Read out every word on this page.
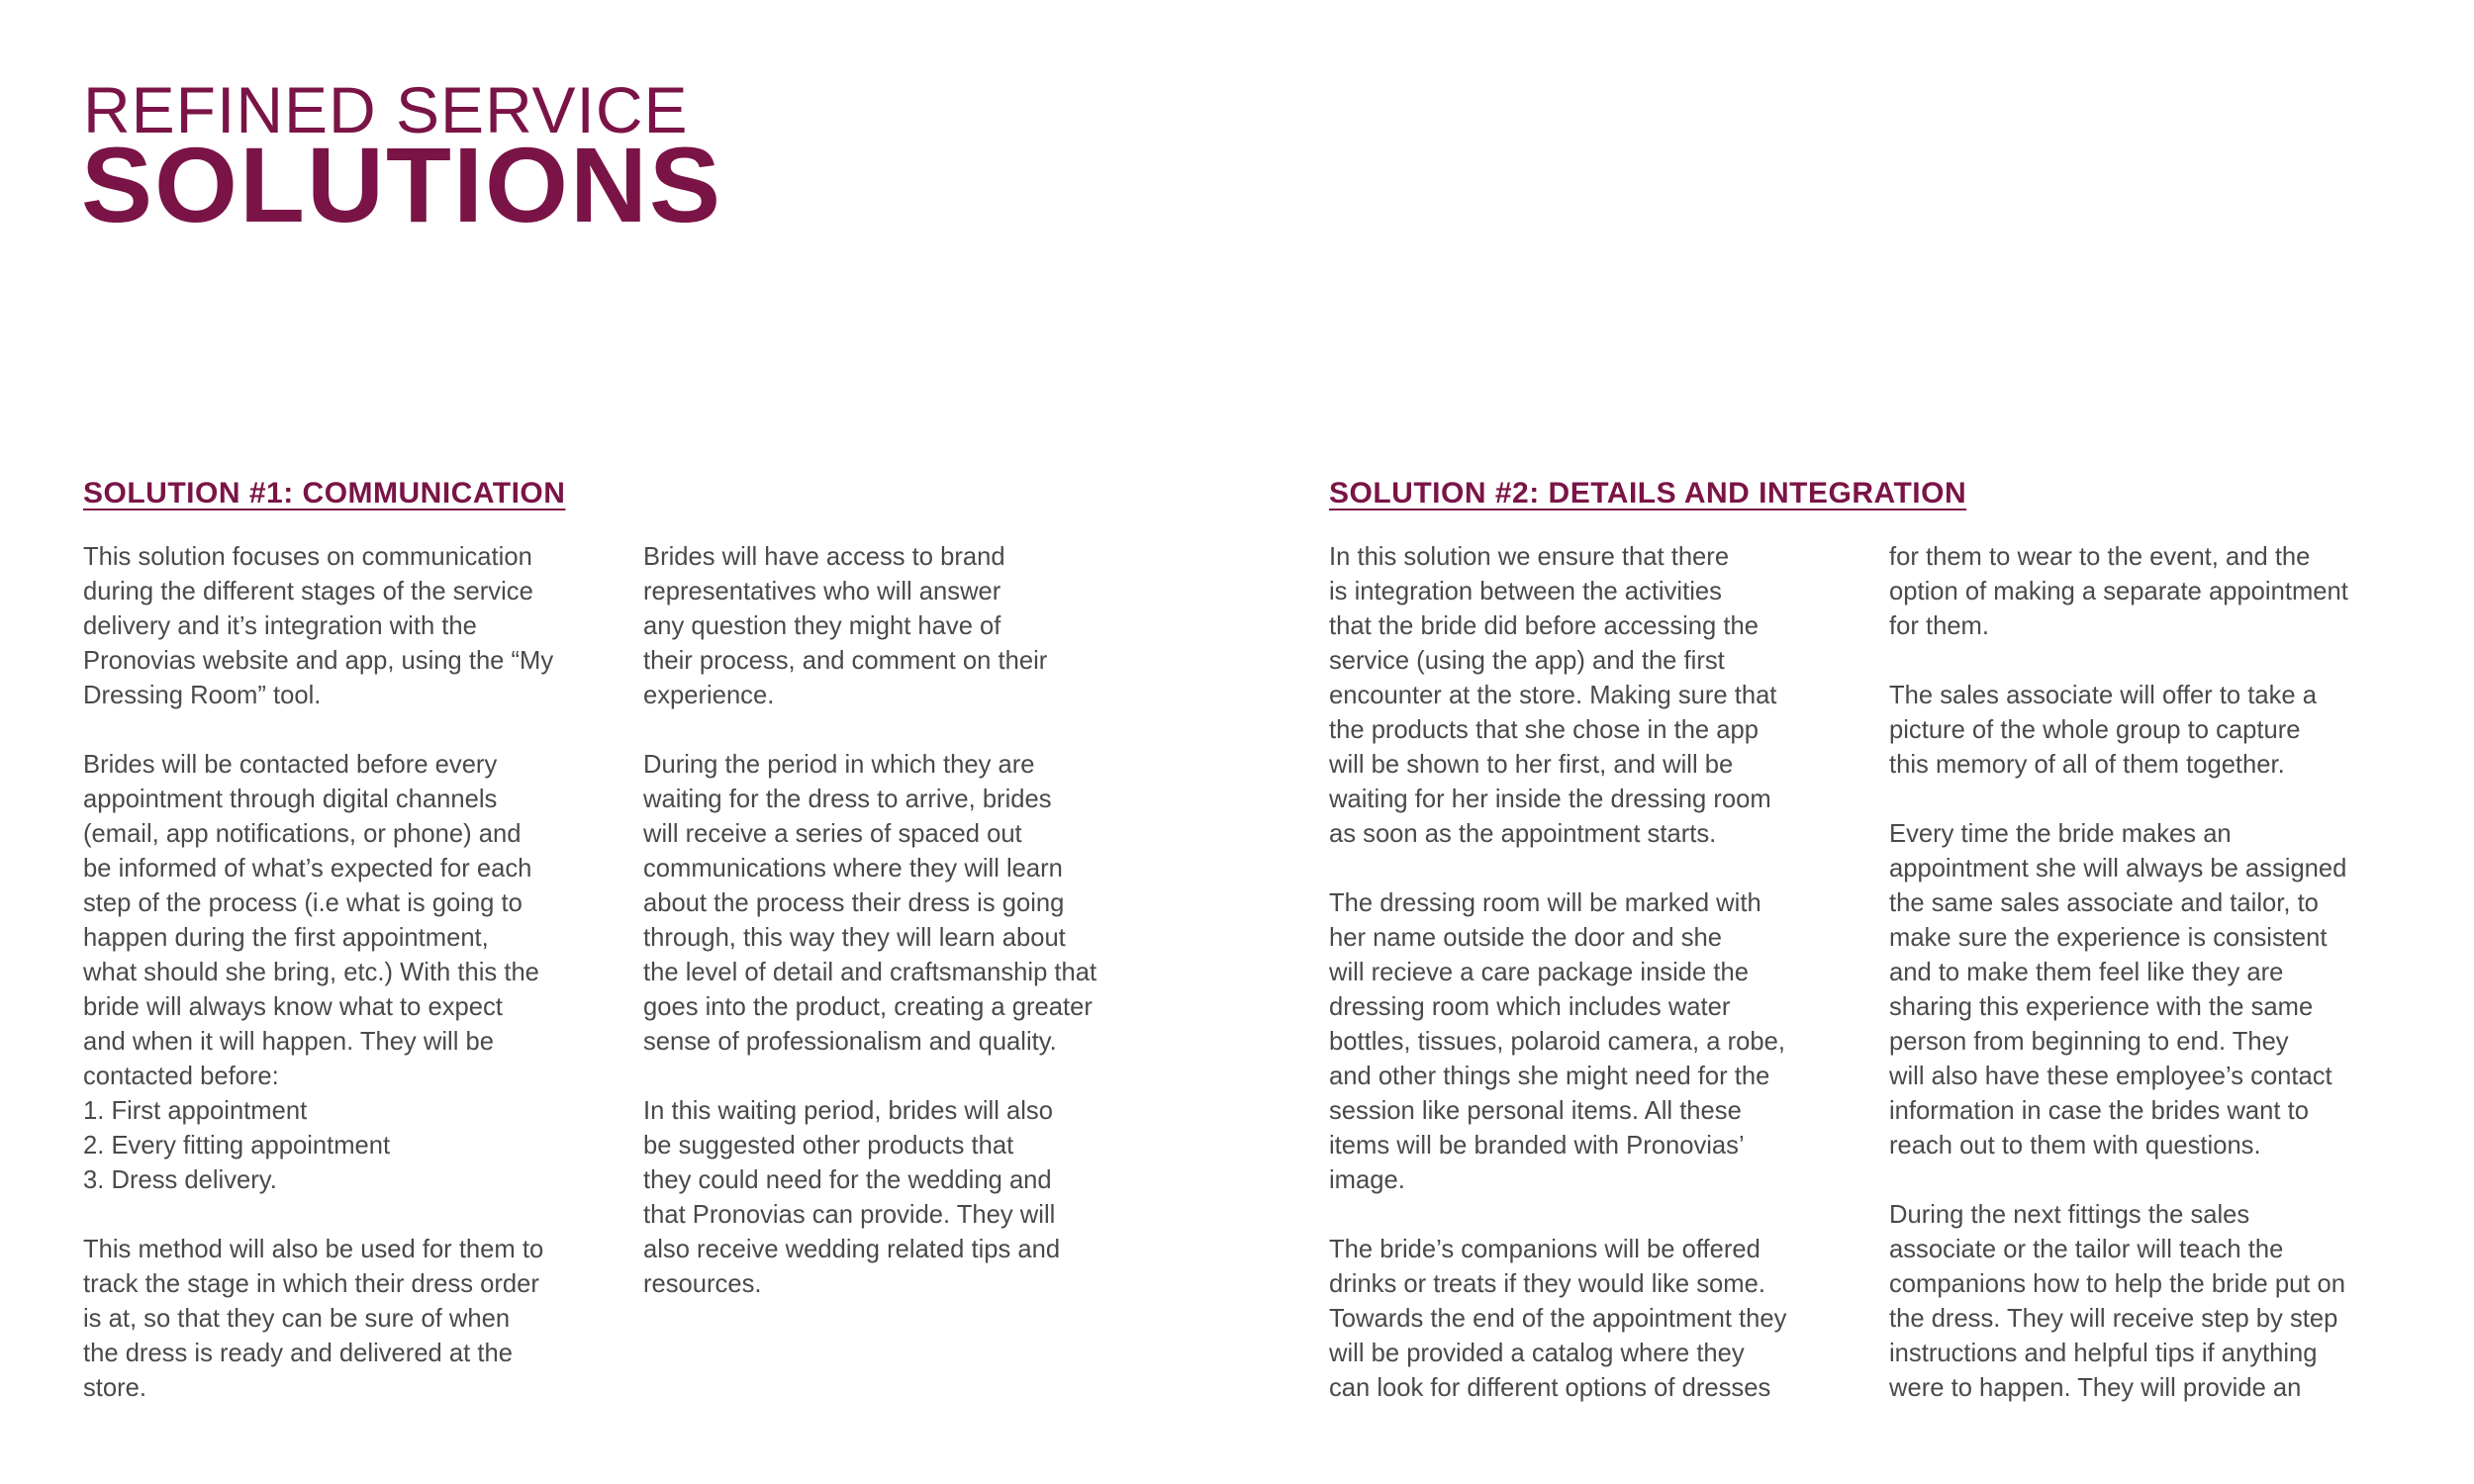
REFINED SERVICE
SOLUTIONS
SOLUTION #1: COMMUNICATION
This solution focuses on communication
during the different stages of the service
delivery and it’s integration with the
Pronovias website and app, using the “My
Dressing Room” tool.

Brides will be contacted before every
appointment through digital channels
(email, app notifications, or phone) and
be informed of what’s expected for each
step of the process (i.e what is going to
happen during the first appointment,
what should she bring, etc.) With this the
bride will always know what to expect
and when it will happen. They will be
contacted before:
1. First appointment
2. Every fitting appointment
3. Dress delivery.

This method will also be used for them to
track the stage in which their dress order
is at, so that they can be sure of when
the dress is ready and delivered at the
store.
Brides will have access to brand
representatives who will answer
any question they might have of
their process, and comment on their
experience.

During the period in which they are
waiting for the dress to arrive, brides
will receive a series of spaced out
communications where they will learn
about the process their dress is going
through, this way they will learn about
the level of detail and craftsmanship that
goes into the product, creating a greater
sense of professionalism and quality.

In this waiting period, brides will also
be suggested other products that
they could need for the wedding and
that Pronovias can provide. They will
also receive wedding related tips and
resources.
SOLUTION #2: DETAILS AND INTEGRATION
In this solution we ensure that there
is integration between the activities
that the bride did before accessing the
service (using the app) and the first
encounter at the store. Making sure that
the products that she chose in the app
will be shown to her first, and will be
waiting for her inside the dressing room
as soon as the appointment starts.

The dressing room will be marked with
her name outside the door and she
will recieve a care package inside the
dressing room which includes water
bottles, tissues, polaroid camera, a robe,
and other things she might need for the
session like personal items. All these
items will be branded with Pronovias’
image.

The bride’s companions will be offered
drinks or treats if they would like some.
Towards the end of the appointment they
will be provided a catalog where they
can look for different options of dresses
for them to wear to the event, and the
option of making a separate appointment
for them.

The sales associate will offer to take a
picture of the whole group to capture
this memory of all of them together.

Every time the bride makes an
appointment she will always be assigned
the same sales associate and tailor, to
make sure the experience is consistent
and to make them feel like they are
sharing this experience with the same
person from beginning to end. They
will also have these employee’s contact
information in case the brides want to
reach out to them with questions.

During the next fittings the sales
associate or the tailor will teach the
companions how to help the bride put on
the dress. They will receive step by step
instructions and helpful tips if anything
were to happen. They will provide an
